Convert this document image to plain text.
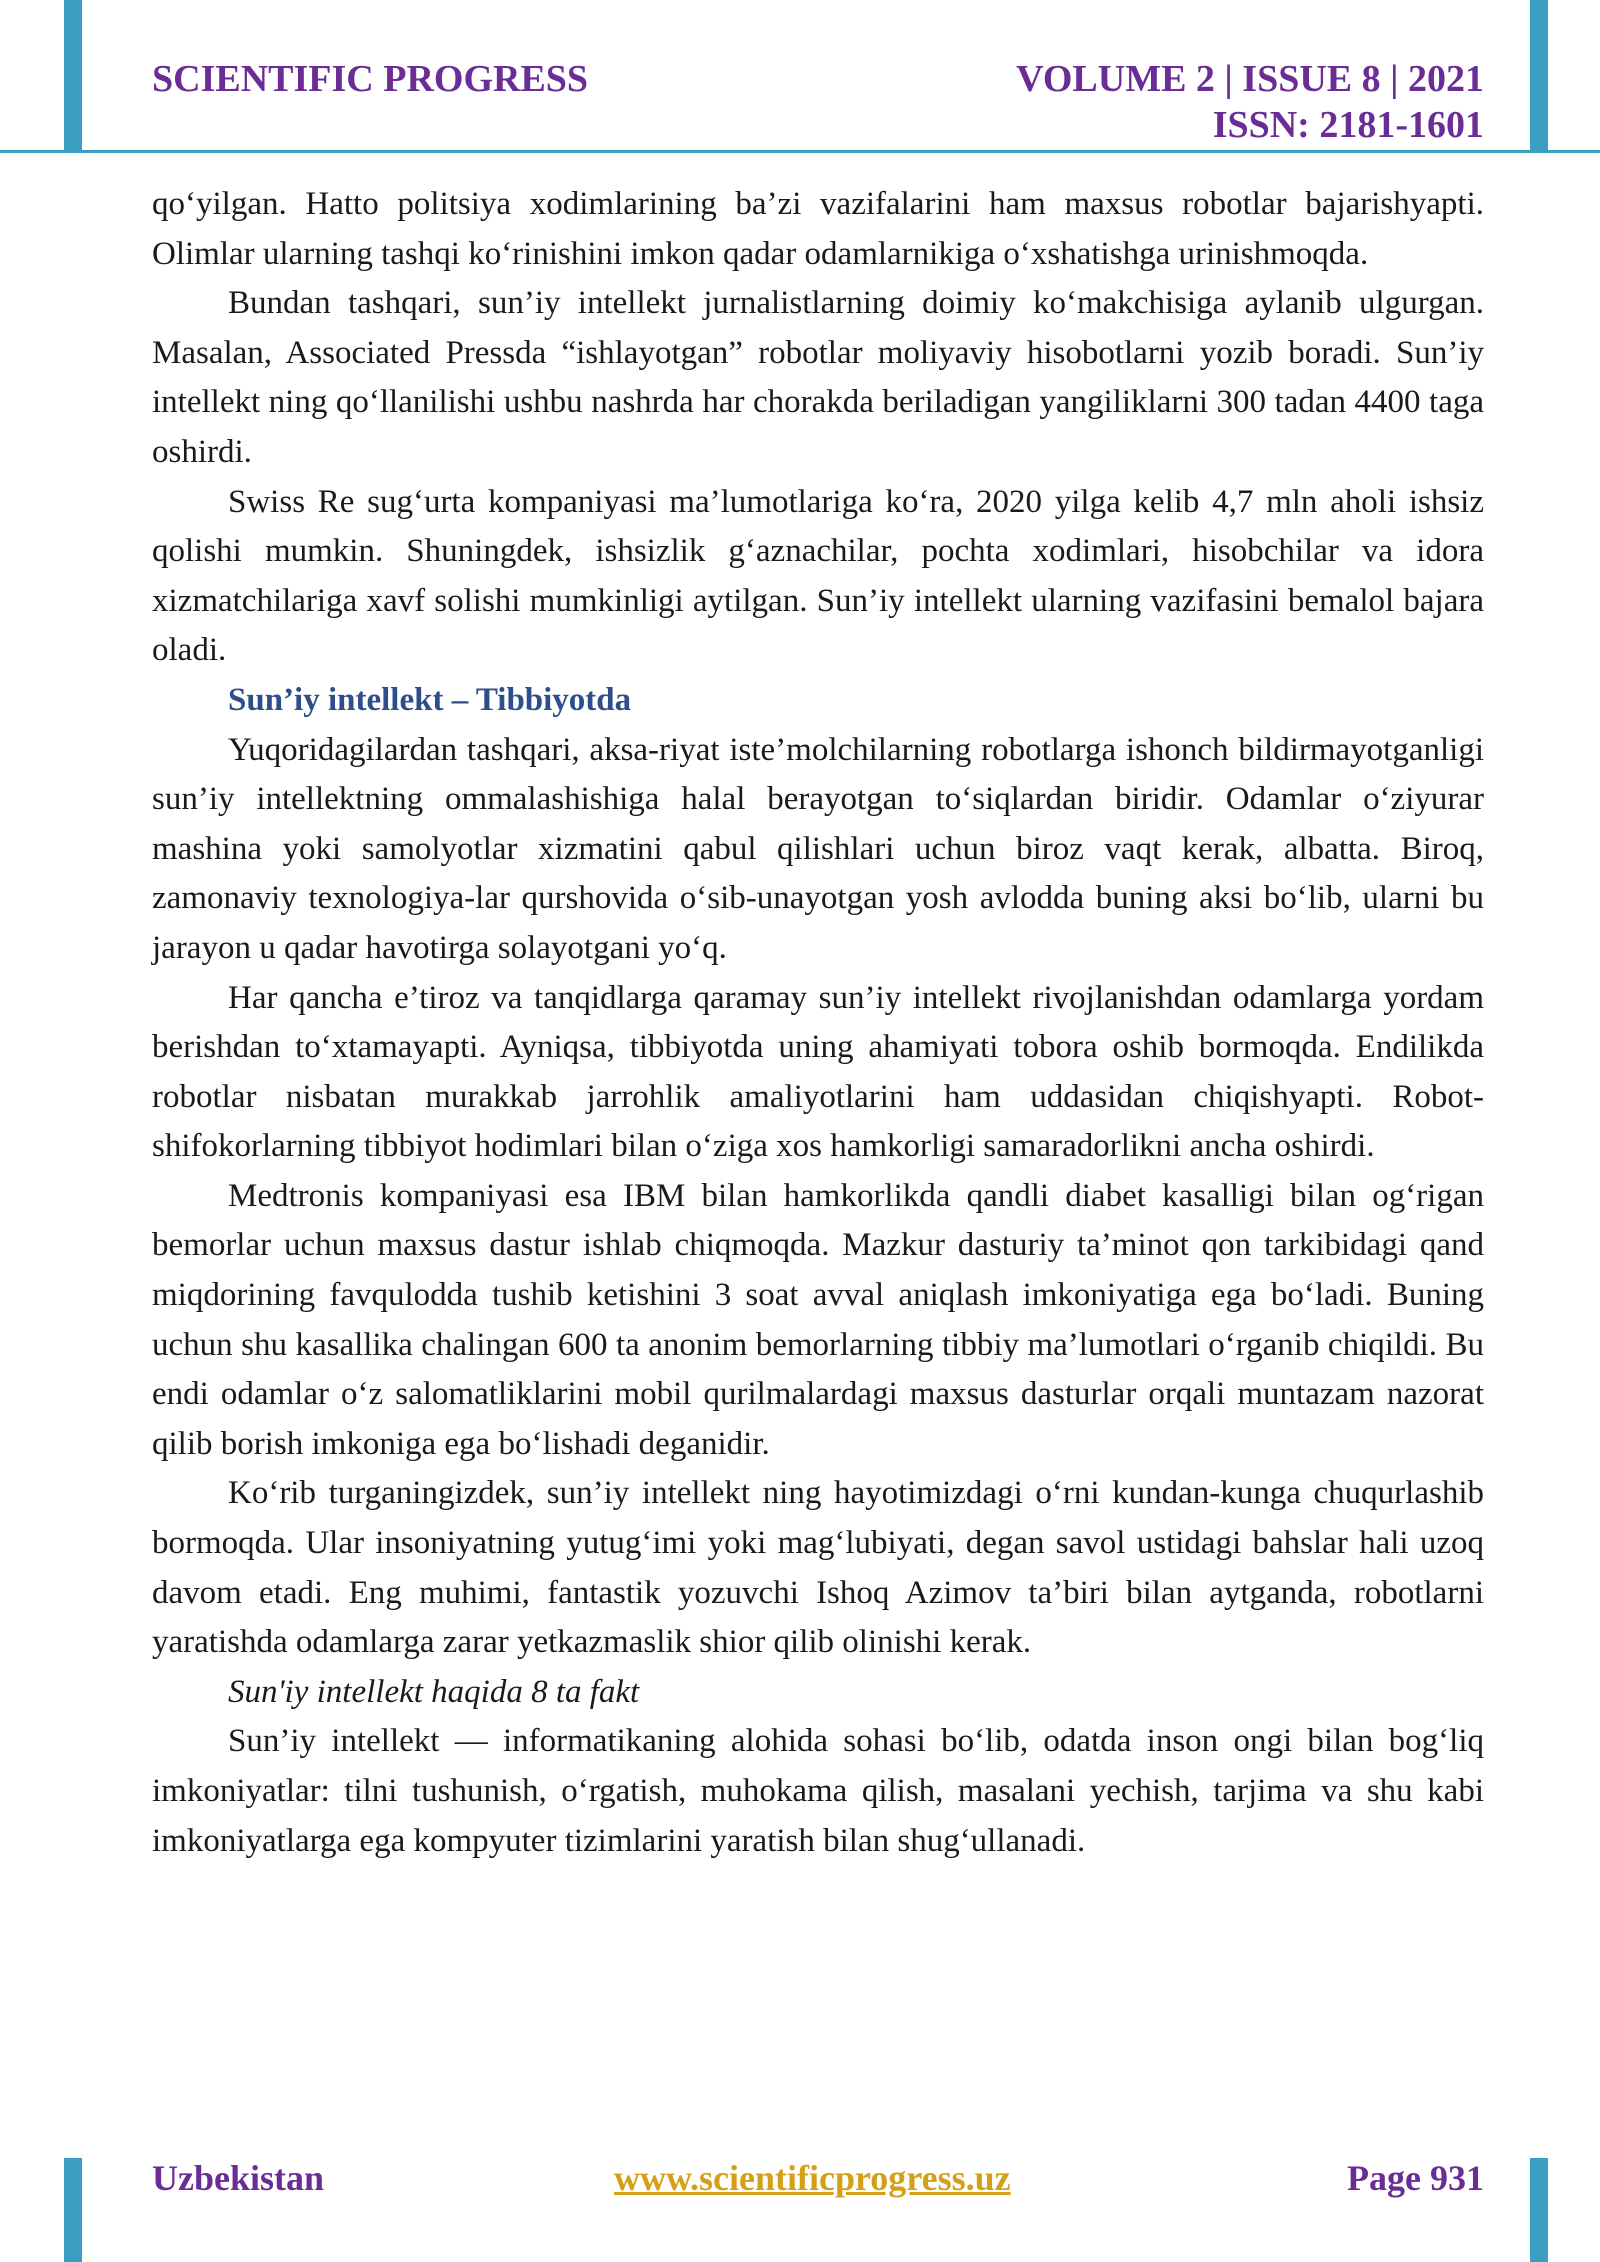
SCIENTIFIC PROGRESS	VOLUME 2 | ISSUE 8 | 2021
ISSN: 2181-1601

qo‘yilgan. Hatto politsiya xodimlarining ba’zi vazifalarini ham maxsus robotlar bajarishyapti. Olimlar ularning tashqi ko‘rinishini imkon qadar odamlarnikiga o‘xshatishga urinishmoqda.

Bundan tashqari, sun’iy intellekt jurnalistlarning doimiy ko‘makchisiga aylanib ulgurgan. Masalan, Associated Pressda “ishlayotgan” robotlar moliyaviy hisobotlarni yozib boradi. Sun’iy intellekt ning qo‘llanilishi ushbu nashrda har chorakda beriladigan yangiliklarni 300 tadan 4400 taga oshirdi.

Swiss Re sug‘urta kompaniyasi ma’lumotlariga ko‘ra, 2020 yilga kelib 4,7 mln aholi ishsiz qolishi mumkin. Shuningdek, ishsizlik g‘aznachilar, pochta xodimlari, hisobchilar va idora xizmatchilariga xavf solishi mumkinligi aytilgan. Sun’iy intellekt ularning vazifasini bemalol bajara oladi.

Sun’iy intellekt – Tibbiyotda

Yuqoridagilardan tashqari, aksa-riyat iste’molchilarning robotlarga ishonch bildirmayotganligi sun’iy intellektning ommalashishiga halal berayotgan to‘siqlardan biridir. Odamlar o‘ziyurar mashina yoki samolyotlar xizmatini qabul qilishlari uchun biroz vaqt kerak, albatta. Biroq, zamonaviy texnologiya-lar qurshovida o‘sib-unayotgan yosh avlodda buning aksi bo‘lib, ularni bu jarayon u qadar havotirga solayotgani yo‘q.

Har qancha e’tiroz va tanqidlarga qaramay sun’iy intellekt rivojlanishdan odamlarga yordam berishdan to‘xtamayapti. Ayniqsa, tibbiyotda uning ahamiyati tobora oshib bormoqda. Endilikda robotlar nisbatan murakkab jarrohlik amaliyotlarini ham uddasidan chiqishyapti. Robot-shifokorlarning tibbiyot hodimlari bilan o‘ziga xos hamkorligi samaradorlikni ancha oshirdi.

Medtronis kompaniyasi esa IBM bilan hamkorlikda qandli diabet kasalligi bilan og‘rigan bemorlar uchun maxsus dastur ishlab chiqmoqda. Mazkur dasturiy ta’minot qon tarkibidagi qand miqdorining favqulodda tushib ketishini 3 soat avval aniqlash imkoniyatiga ega bo‘ladi. Buning uchun shu kasallika chalingan 600 ta anonim bemorlarning tibbiy ma’lumotlari o‘rganib chiqildi. Bu endi odamlar o‘z salomatliklarini mobil qurilmalardagi maxsus dasturlar orqali muntazam nazorat qilib borish imkoniga ega bo‘lishadi deganidir.

Ko‘rib turganingizdek, sun’iy intellekt ning hayotimizdagi o‘rni kundan-kunga chuqurlashib bormoqda. Ular insoniyatning yutug‘imi yoki mag‘lubiyati, degan savol ustidagi bahslar hali uzoq davom etadi. Eng muhimi, fantastik yozuvchi Ishoq Azimov ta’biri bilan aytganda, robotlarni yaratishda odamlarga zarar yetkazmaslik shior qilib olinishi kerak.

Sun'iy intellekt haqida 8 ta fakt

Sun’iy intellekt — informatikaning alohida sohasi bo‘lib, odatda inson ongi bilan bog‘liq imkoniyatlar: tilni tushunish, o‘rgatish, muhokama qilish, masalani yechish, tarjima va shu kabi imkoniyatlarga ega kompyuter tizimlarini yaratish bilan shug‘ullanadi.

Uzbekistan	www.scientificprogress.uz	Page 931
